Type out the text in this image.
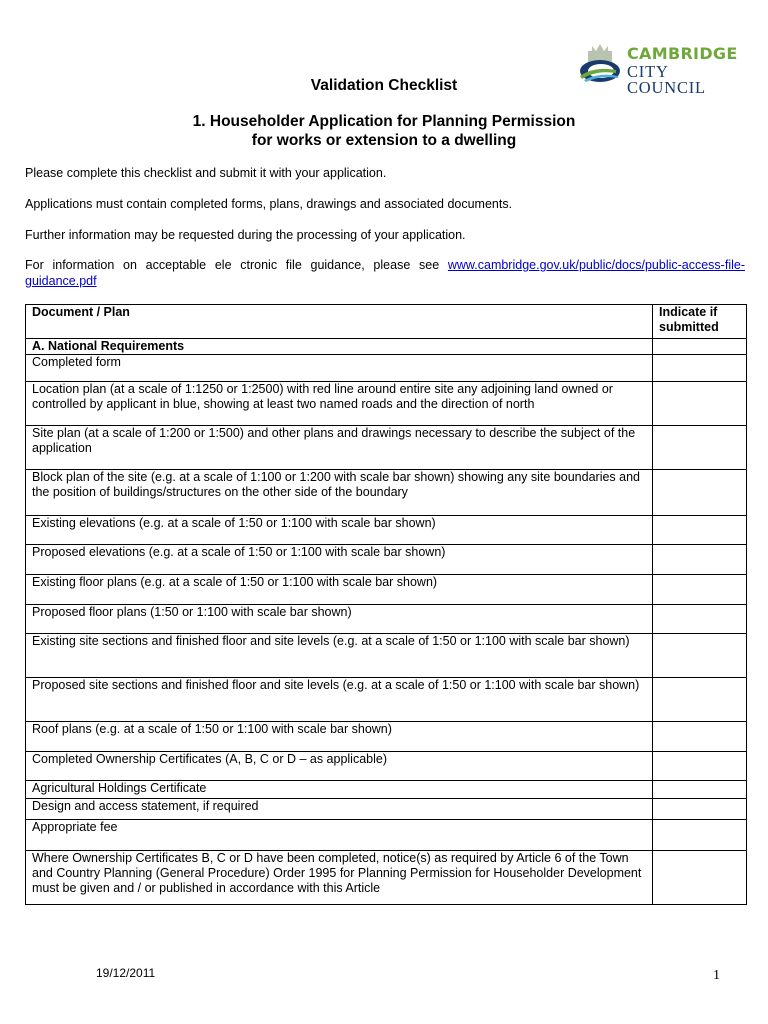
CAMBRIDGE
CITY COUNCIL
Validation Checklist
1. Householder Application for Planning Permission
for works or extension to a dwelling
Please complete this checklist and submit it with your application.
Applications must contain completed forms, plans, drawings and associated documents.
Further information may be requested during the processing of your application.
For information on acceptable ele ctronic file guidance, please see www.cambridge.gov.uk/public/docs/public-access-file-guidance.pdf
Document / Plan	Indicate if submitted
A. National Requirements	
Completed form	
Location plan (at a scale of 1:1250 or 1:2500) with red line around entire site any adjoining land owned or controlled by applicant in blue, showing at least two named roads and the direction of north	
Site plan (at a scale of 1:200 or 1:500) and other plans and drawings necessary to describe the subject of the application	
Block plan of the site (e.g. at a scale of 1:100 or 1:200 with scale bar shown) showing any site boundaries and the position of buildings/structures on the other side of the boundary	
Existing elevations (e.g. at a scale of 1:50 or 1:100 with scale bar shown)	
Proposed elevations (e.g. at a scale of 1:50 or 1:100 with scale bar shown)	
Existing floor plans (e.g. at a scale of 1:50 or 1:100 with scale bar shown)	
Proposed floor plans (1:50 or 1:100 with scale bar shown)	
Existing site sections and finished floor and site levels (e.g. at a scale of 1:50 or 1:100 with scale bar shown)	
Proposed site sections and finished floor and site levels (e.g. at a scale of 1:50 or 1:100 with scale bar shown)	
Roof plans (e.g. at a scale of 1:50 or 1:100 with scale bar shown)	
Completed Ownership Certificates (A, B, C or D – as applicable)	
Agricultural Holdings Certificate	
Design and access statement, if required	
Appropriate fee	
Where Ownership Certificates B, C or D have been completed, notice(s) as required by Article 6 of the Town and Country Planning (General Procedure) Order 1995 for Planning Permission for Householder Development must be given and / or published in accordance with this Article	
19/12/2011	1
